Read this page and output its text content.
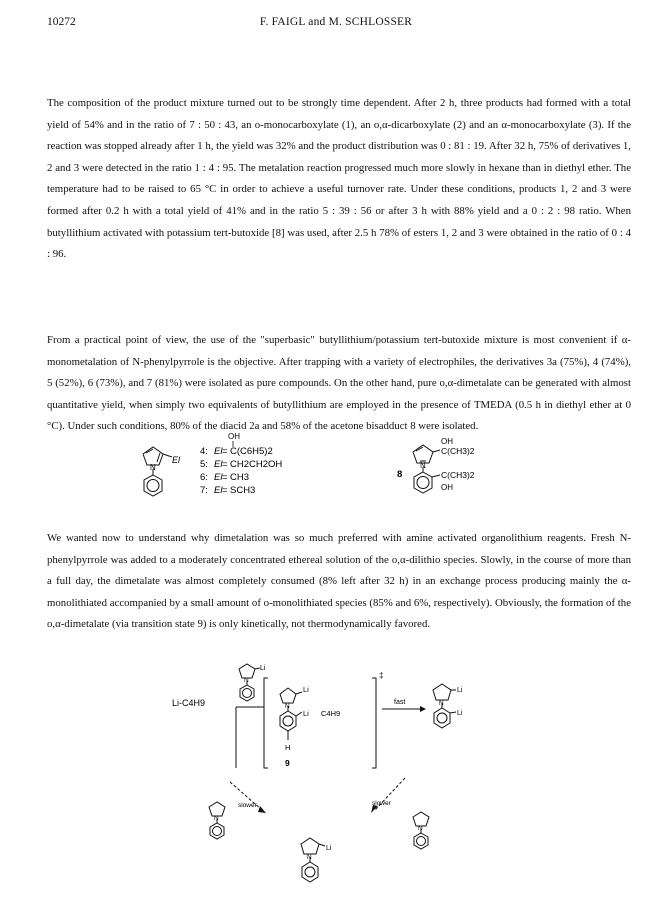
10272	F. FAIGL and M. SCHLOSSER

The composition of the product mixture turned out to be strongly time dependent. After 2 h, three products had formed with a total yield of 54% and in the ratio of 7 : 50 : 43, an o-monocarboxylate (1), an o,α-dicarboxylate (2) and an α-monocarboxylate (3). If the reaction was stopped already after 1 h, the yield was 32% and the product distribution was 0 : 81 : 19. After 32 h, 75% of derivatives 1, 2 and 3 were detected in the ratio 1 : 4 : 95. The metalation reaction progressed much more slowly in hexane than in diethyl ether. The temperature had to be raised to 65 °C in order to achieve a useful turnover rate. Under these conditions, products 1, 2 and 3 were formed after 0.2 h with a total yield of 41% and in the ratio 5 : 39 : 56 or after 3 h with 88% yield and a 0 : 2 : 98 ratio. When butyllithium activated with potassium tert-butoxide [8] was used, after 2.5 h 78% of esters 1, 2 and 3 were obtained in the ratio of 0 : 4 : 96.

From a practical point of view, the use of the "superbasic" butyllithium/potassium tert-butoxide mixture is most convenient if α-monometalation of N-phenylpyrrole is the objective. After trapping with a variety of electrophiles, the derivatives 3a (75%), 4 (74%), 5 (52%), 6 (73%), and 7 (81%) were isolated as pure compounds. On the other hand, pure o,α-dimetalate can be generated with almost quantitative yield, when simply two equivalents of butyllithium are employed in the presence of TMEDA (0.5 h in diethyl ether at 0 °C). Under such conditions, 80% of the diacid 2a and 58% of the acetone bisadduct 8 were isolated.

N
El
OH
4: El = C(C6H5)2
5: El = CH2CH2OH
6: El = CH3
7: El = SCH3
8
N
OH
C(CH3)2
C(CH3)2
OH

We wanted now to understand why dimetalation was so much preferred with amine activated organolithium reagents. Fresh N-phenylpyrrole was added to a moderately concentrated ethereal solution of the o,α-dilithio species. Slowly, in the course of more than a full day, the dimetalate was almost completely consumed (8% left after 32 h) in an exchange process producing mainly the α-monolithiated accompanied by a small amount of o-monolithiated species (85% and 6%, respectively). Obviously, the formation of the o,α-dimetalate (via transition state 9) is only kinetically, not thermodynamically favored.

Li-C4H9
Li
N
‡
N
Li
Li C4H9
H
9
fast	N
Li
Li
slower	slower
N
N
Li
N
